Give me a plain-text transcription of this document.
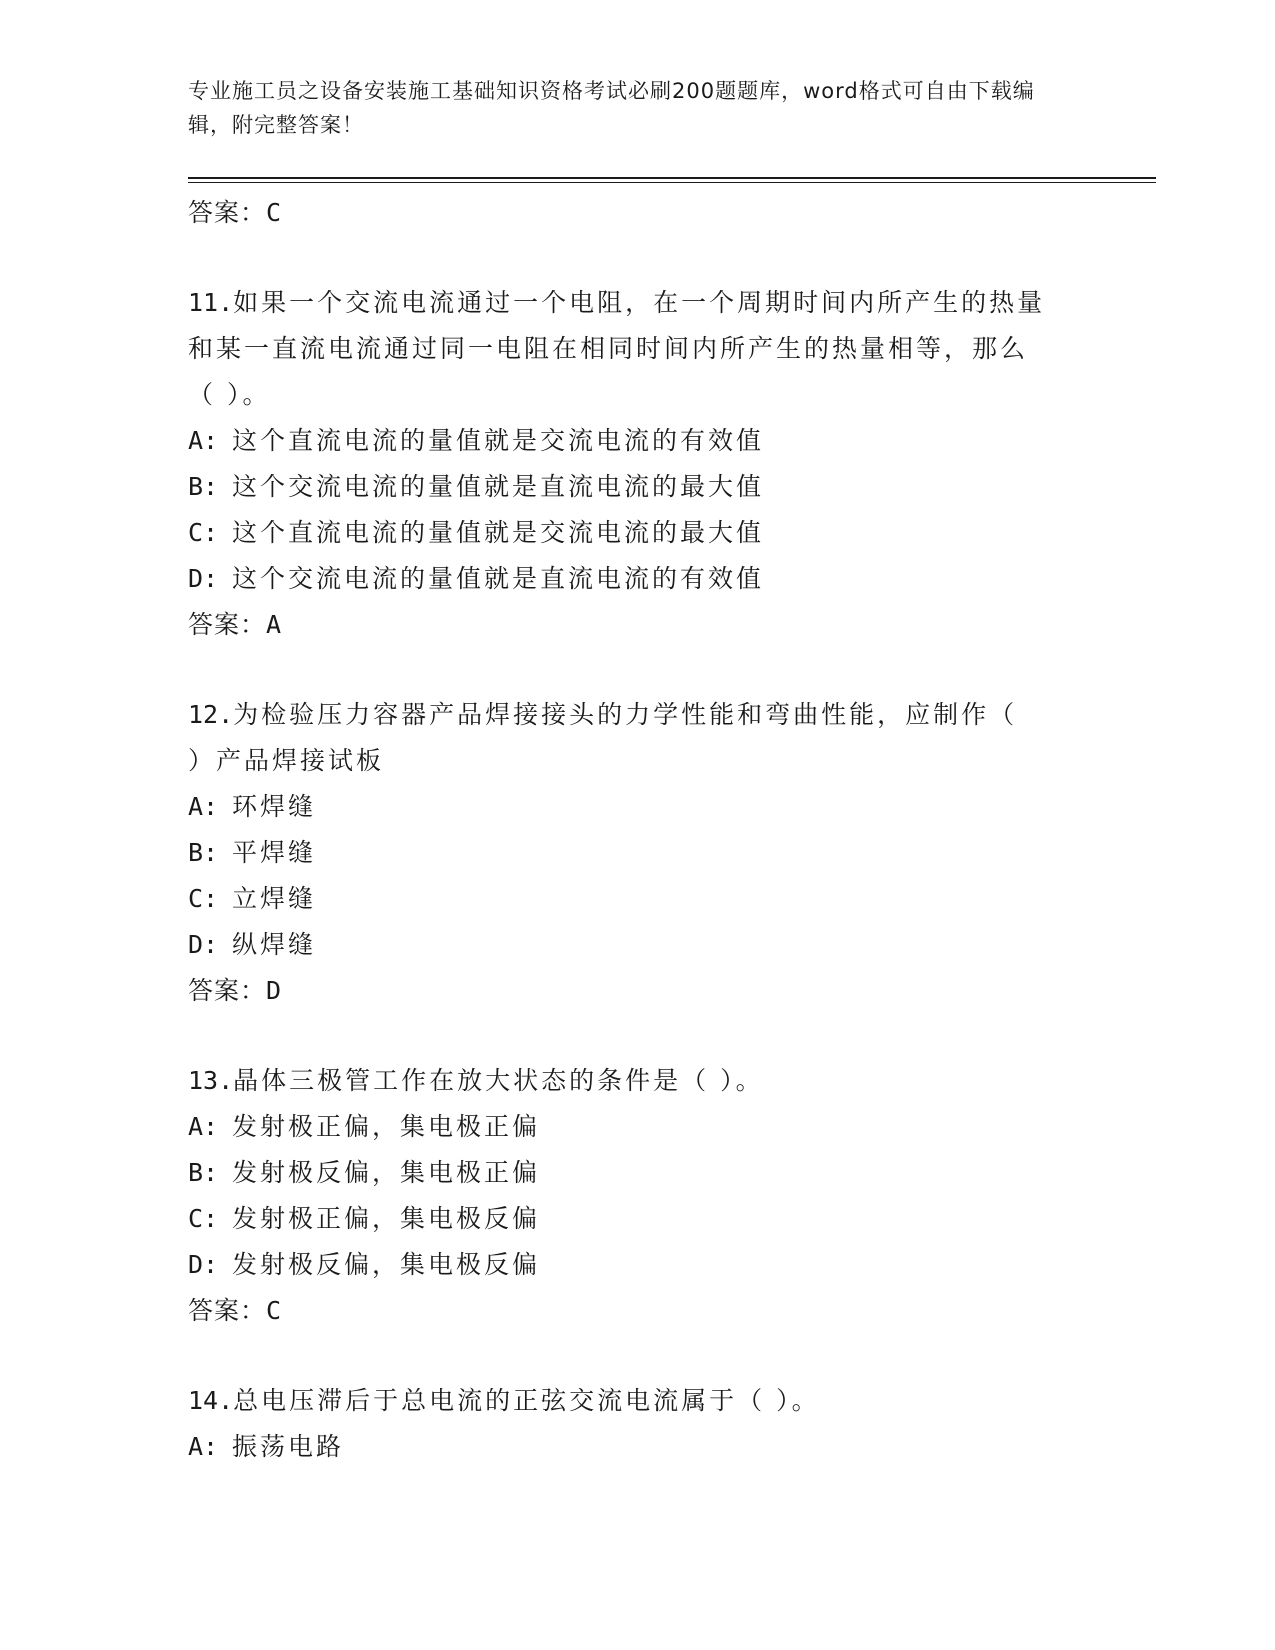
专业施工员之设备安装施工基础知识资格考试必刷200题题库，word格式可自由下载编辑，附完整答案！
答案：C
11.如果一个交流电流通过一个电阻，在一个周期时间内所产生的热量
和某一直流电流通过同一电阻在相同时间内所产生的热量相等，那么
（ ）。
A: 这个直流电流的量值就是交流电流的有效值
B: 这个交流电流的量值就是直流电流的最大值
C: 这个直流电流的量值就是交流电流的最大值
D: 这个交流电流的量值就是直流电流的有效值
答案：A
12.为检验压力容器产品焊接接头的力学性能和弯曲性能，应制作（
）产品焊接试板
A: 环焊缝
B: 平焊缝
C: 立焊缝
D: 纵焊缝
答案：D
13.晶体三极管工作在放大状态的条件是（ ）。
A: 发射极正偏，集电极正偏
B: 发射极反偏，集电极正偏
C: 发射极正偏，集电极反偏
D: 发射极反偏，集电极反偏
答案：C
14.总电压滞后于总电流的正弦交流电流属于（ ）。
A: 振荡电路
